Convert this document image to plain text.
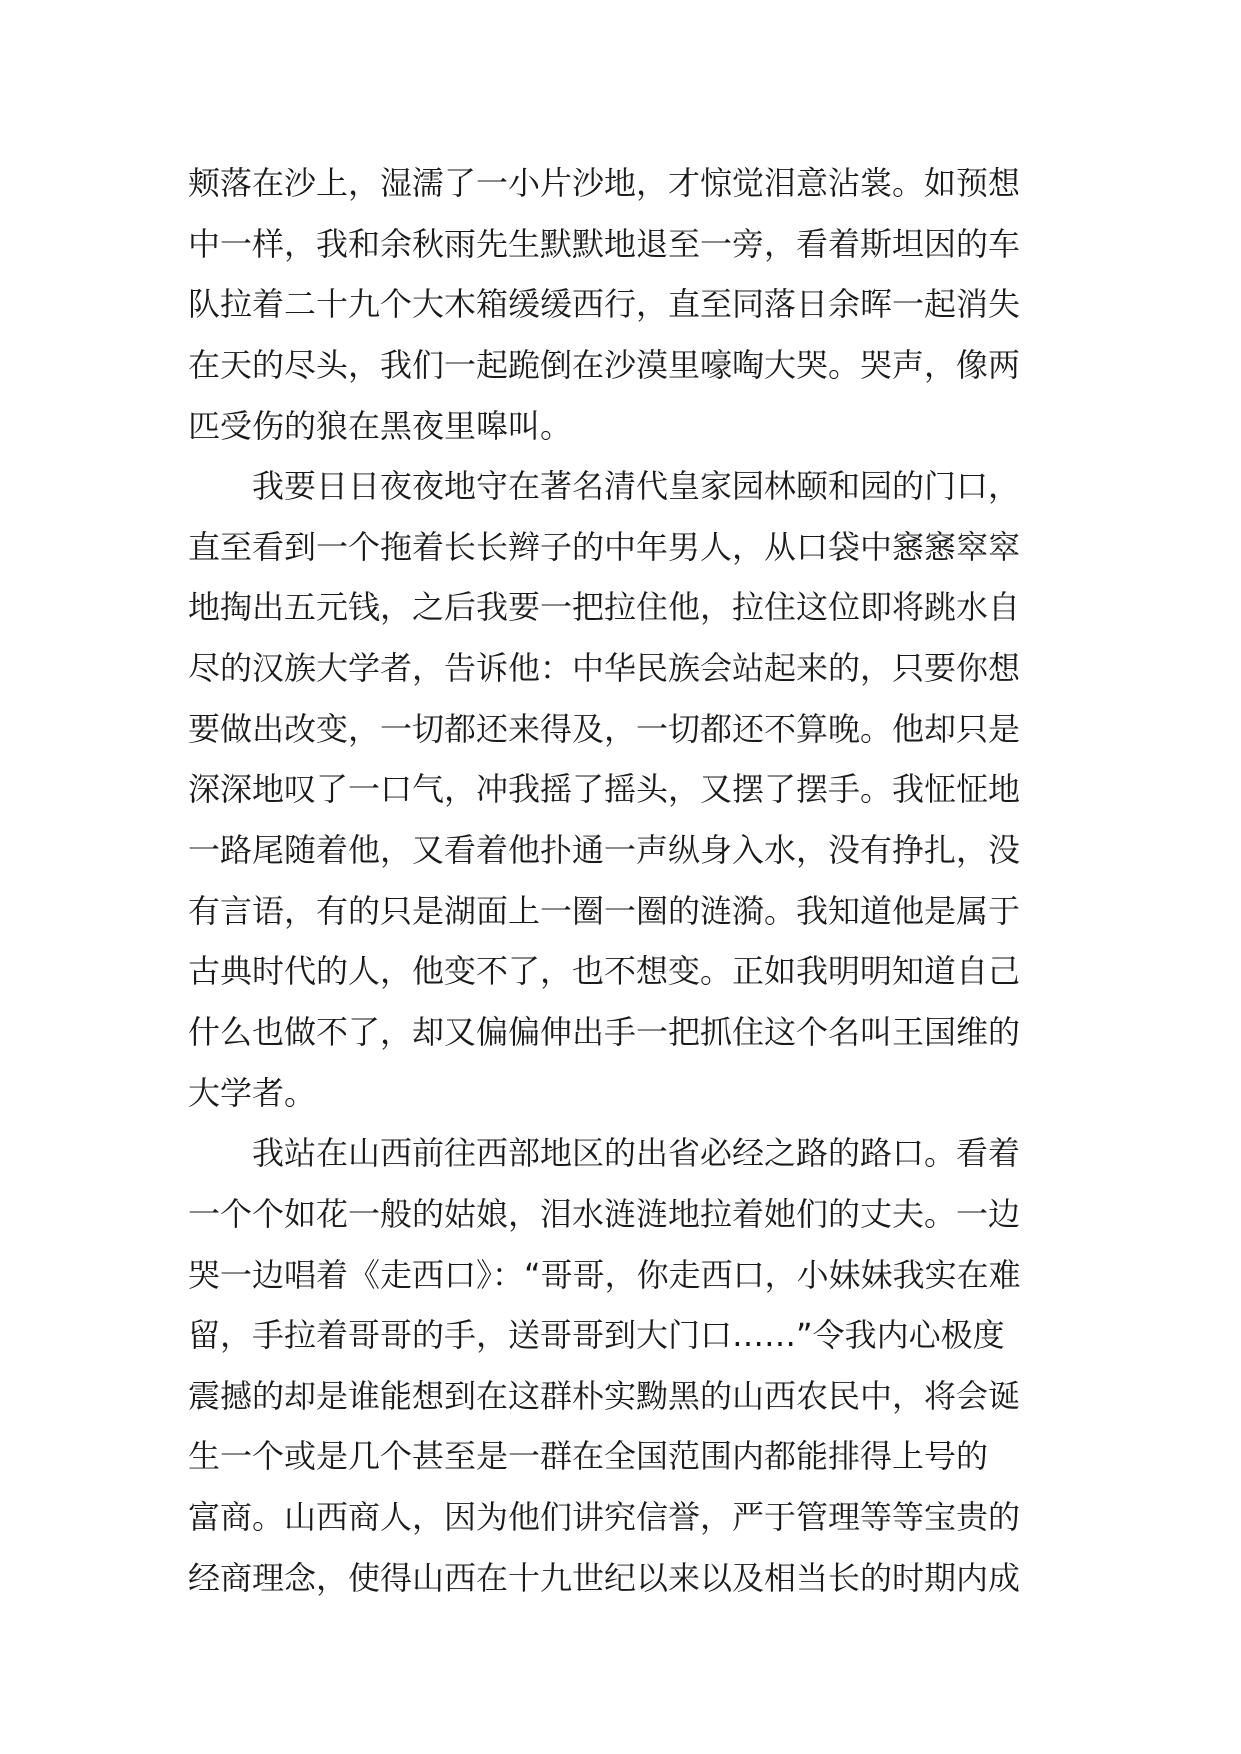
颊落在沙上，湿濡了一小片沙地，才惊觉泪意沾裳。如预想
中一样，我和余秋雨先生默默地退至一旁，看着斯坦因的车
队拉着二十九个大木箱缓缓西行，直至同落日余晖一起消失
在天的尽头，我们一起跪倒在沙漠里嚎啕大哭。哭声，像两
匹受伤的狼在黑夜里嗥叫。
我要日日夜夜地守在著名清代皇家园林颐和园的门口，
直至看到一个拖着长长辫子的中年男人，从口袋中窸窸窣窣
地掏出五元钱，之后我要一把拉住他，拉住这位即将跳水自
尽的汉族大学者，告诉他：中华民族会站起来的，只要你想
要做出改变，一切都还来得及，一切都还不算晚。他却只是
深深地叹了一口气，冲我摇了摇头，又摆了摆手。我怔怔地
一路尾随着他，又看着他扑通一声纵身入水，没有挣扎，没
有言语，有的只是湖面上一圈一圈的涟漪。我知道他是属于
古典时代的人，他变不了，也不想变。正如我明明知道自己
什么也做不了，却又偏偏伸出手一把抓住这个名叫王国维的
大学者。
我站在山西前往西部地区的出省必经之路的路口。看着
一个个如花一般的姑娘，泪水涟涟地拉着她们的丈夫。一边
哭一边唱着《走西口》：“哥哥，你走西口，小妹妹我实在难
留，手拉着哥哥的手，送哥哥到大门口……”令我内心极度
震撼的却是谁能想到在这群朴实黝黑的山西农民中，将会诞
生一个或是几个甚至是一群在全国范围内都能排得上号的
富商。山西商人，因为他们讲究信誉，严于管理等等宝贵的
经商理念，使得山西在十九世纪以来以及相当长的时期内成
